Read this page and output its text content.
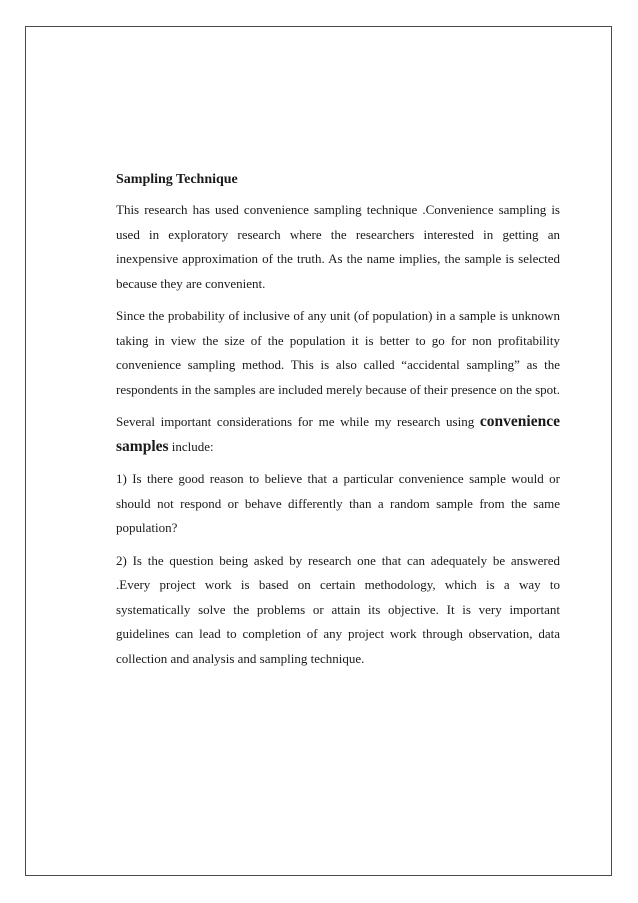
Sampling Technique

This research has used convenience sampling technique .Convenience sampling is used in exploratory research where the researchers interested in getting an inexpensive approximation of the truth. As the name implies, the sample is selected because they are convenient.

Since the probability of inclusive of any unit (of population) in a sample is unknown taking in view the size of the population it is better to go for non profitability convenience sampling method. This is also called “accidental sampling” as the respondents in the samples are included merely because of their presence on the spot.

Several important considerations for me while my research using convenience samples include:

1) Is there good reason to believe that a particular convenience sample would or should not respond or behave differently than a random sample from the same population?

2) Is the question being asked by research one that can adequately be answered .Every project work is based on certain methodology, which is a way to systematically solve the problems or attain its objective. It is very important guidelines can lead to completion of any project work through observation, data collection and analysis and sampling technique.
